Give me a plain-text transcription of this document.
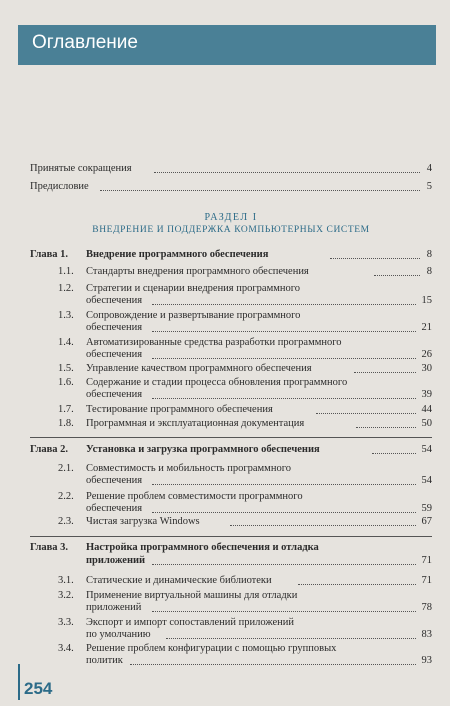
Оглавление
Принятые сокращения	4
Предисловие	5
РАЗДЕЛ I
ВНЕДРЕНИЕ И ПОДДЕРЖКА КОМПЬЮТЕРНЫХ СИСТЕМ
Глава 1. Внедрение программного обеспечения	8
1.1. Стандарты внедрения программного обеспечения	8
1.2. Стратегии и сценарии внедрения программного
обеспечения	15
1.3. Сопровождение и развертывание программного
обеспечения	21
1.4. Автоматизированные средства разработки программного
обеспечения	26
1.5. Управление качеством программного обеспечения	30
1.6. Содержание и стадии процесса обновления программного
обеспечения	39
1.7. Тестирование программного обеспечения	44
1.8. Программная и эксплуатационная документация	50
Глава 2. Установка и загрузка программного обеспечения	54
2.1. Совместимость и мобильность программного
обеспечения	54
2.2. Решение проблем совместимости программного
обеспечения	59
2.3. Чистая загрузка Windows	67
Глава 3. Настройка программного обеспечения и отладка
приложений	71
3.1. Статические и динамические библиотеки	71
3.2. Применение виртуальной машины для отладки
приложений	78
3.3. Экспорт и импорт сопоставлений приложений
по умолчанию	83
3.4. Решение проблем конфигурации с помощью групповых
политик	93
254
